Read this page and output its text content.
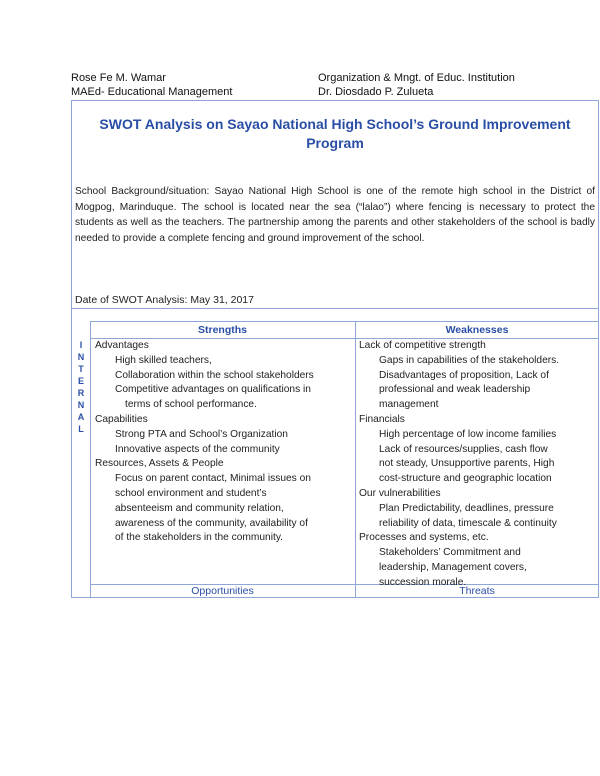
Rose Fe M. Wamar
MAEd- Educational Management
Organization & Mngt. of Educ. Institution
Dr. Diosdado P. Zulueta
SWOT Analysis on Sayao National High School’s Ground Improvement
Program
School Background/situation: Sayao National High School is one of the remote high school in the District of Mogpog, Marinduque. The school is located near the sea (“lalao”) where fencing is necessary to protect the students as well as the teachers. The partnership among the parents and other stakeholders of the school is badly needed to provide a complete fencing and ground improvement of the school.
Date of SWOT Analysis: May 31, 2017
Strengths	Weaknesses
I
N
T
E
R
N
A
L
Advantages
High skilled teachers,
Collaboration within the school stakeholders
Competitive advantages on qualifications in
terms of school performance.
Capabilities
Strong PTA and School’s Organization
Innovative aspects of the community
Resources, Assets & People
Focus on parent contact, Minimal issues on
school environment and student’s
absenteeism and community relation,
awareness of the community, availability of
of the stakeholders in the community.
Lack of competitive strength
Gaps in capabilities of the stakeholders.
Disadvantages of proposition, Lack of
professional and weak leadership
management
Financials
High percentage of low income families
Lack of resources/supplies, cash flow
not steady, Unsupportive parents, High
cost-structure and geographic location
Our vulnerabilities
Plan Predictability, deadlines, pressure
reliability of data, timescale & continuity
Processes and systems, etc.
Stakeholders’ Commitment and
leadership, Management covers,
succession morale.
Opportunities	Threats
